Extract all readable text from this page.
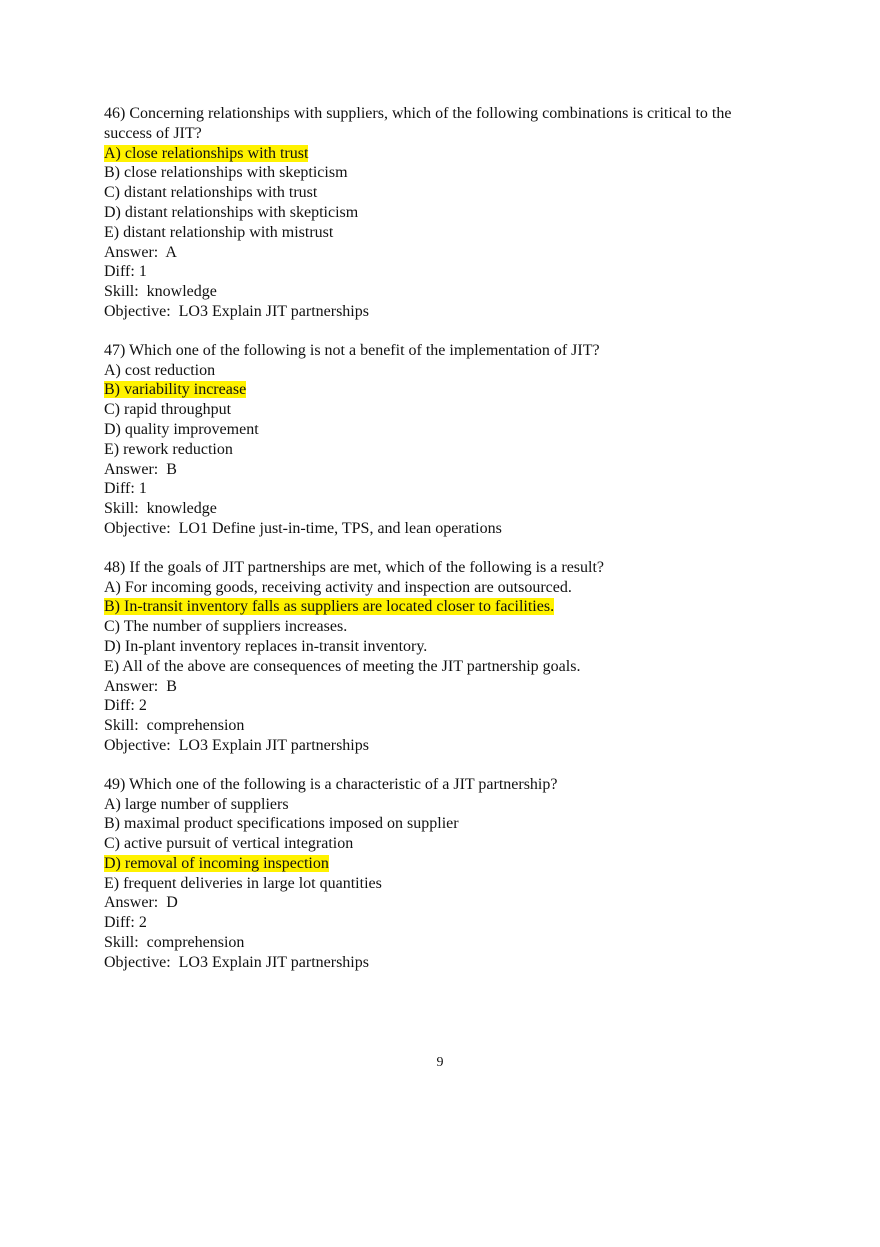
46) Concerning relationships with suppliers, which of the following combinations is critical to the success of JIT?
A) close relationships with trust
B) close relationships with skepticism
C) distant relationships with trust
D) distant relationships with skepticism
E) distant relationship with mistrust
Answer:  A
Diff: 1
Skill:  knowledge
Objective:  LO3 Explain JIT partnerships
47) Which one of the following is not a benefit of the implementation of JIT?
A) cost reduction
B) variability increase
C) rapid throughput
D) quality improvement
E) rework reduction
Answer:  B
Diff: 1
Skill:  knowledge
Objective:  LO1 Define just-in-time, TPS, and lean operations
48) If the goals of JIT partnerships are met, which of the following is a result?
A) For incoming goods, receiving activity and inspection are outsourced.
B) In-transit inventory falls as suppliers are located closer to facilities.
C) The number of suppliers increases.
D) In-plant inventory replaces in-transit inventory.
E) All of the above are consequences of meeting the JIT partnership goals.
Answer:  B
Diff: 2
Skill:  comprehension
Objective:  LO3 Explain JIT partnerships
49) Which one of the following is a characteristic of a JIT partnership?
A) large number of suppliers
B) maximal product specifications imposed on supplier
C) active pursuit of vertical integration
D) removal of incoming inspection
E) frequent deliveries in large lot quantities
Answer:  D
Diff: 2
Skill:  comprehension
Objective:  LO3 Explain JIT partnerships
9
